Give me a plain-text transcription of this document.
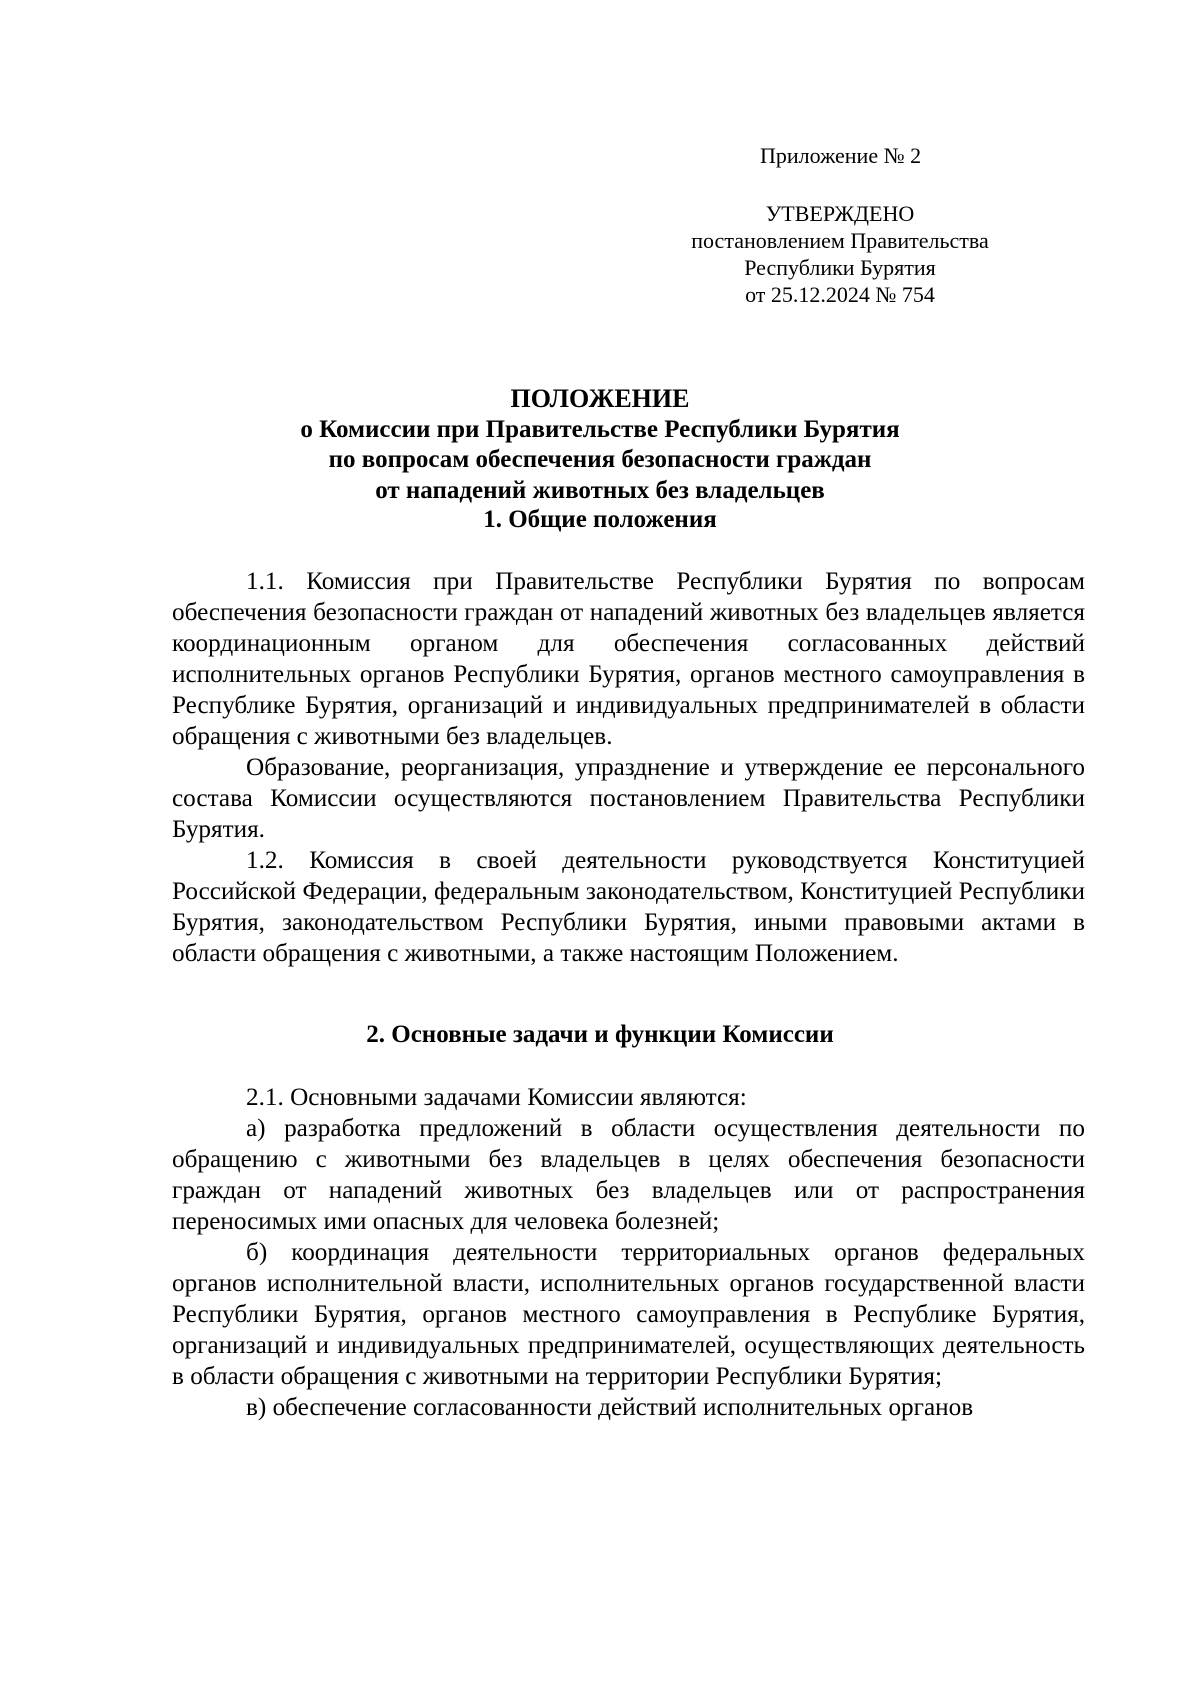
Приложение № 2
УТВЕРЖДЕНО
постановлением Правительства
Республики Бурятия
от 25.12.2024 № 754
ПОЛОЖЕНИЕ
о Комиссии при Правительстве Республики Бурятия
по вопросам обеспечения безопасности граждан
от нападений животных без владельцев
1. Общие положения

1.1. Комиссия при Правительстве Республики Бурятия по вопросам обеспечения безопасности граждан от нападений животных без владельцев является координационным органом для обеспечения согласованных действий исполнительных органов Республики Бурятия, органов местного самоуправления в Республике Бурятия, организаций и индивидуальных предпринимателей в области обращения с животными без владельцев.

Образование, реорганизация, упразднение и утверждение ее персонального состава Комиссии осуществляются постановлением Правительства Республики Бурятия.

1.2. Комиссия в своей деятельности руководствуется Конституцией Российской Федерации, федеральным законодательством, Конституцией Республики Бурятия, законодательством Республики Бурятия, иными правовыми актами в области обращения с животными, а также настоящим Положением.

2. Основные задачи и функции Комиссии

2.1. Основными задачами Комиссии являются:

а) разработка предложений в области осуществления деятельности по обращению с животными без владельцев в целях обеспечения безопасности граждан от нападений животных без владельцев или от распространения переносимых ими опасных для человека болезней;

б) координация деятельности территориальных органов федеральных органов исполнительной власти, исполнительных органов государственной власти Республики Бурятия, органов местного самоуправления в Республике Бурятия, организаций и индивидуальных предпринимателей, осуществляющих деятельность в области обращения с животными на территории Республики Бурятия;

в) обеспечение согласованности действий исполнительных органов
